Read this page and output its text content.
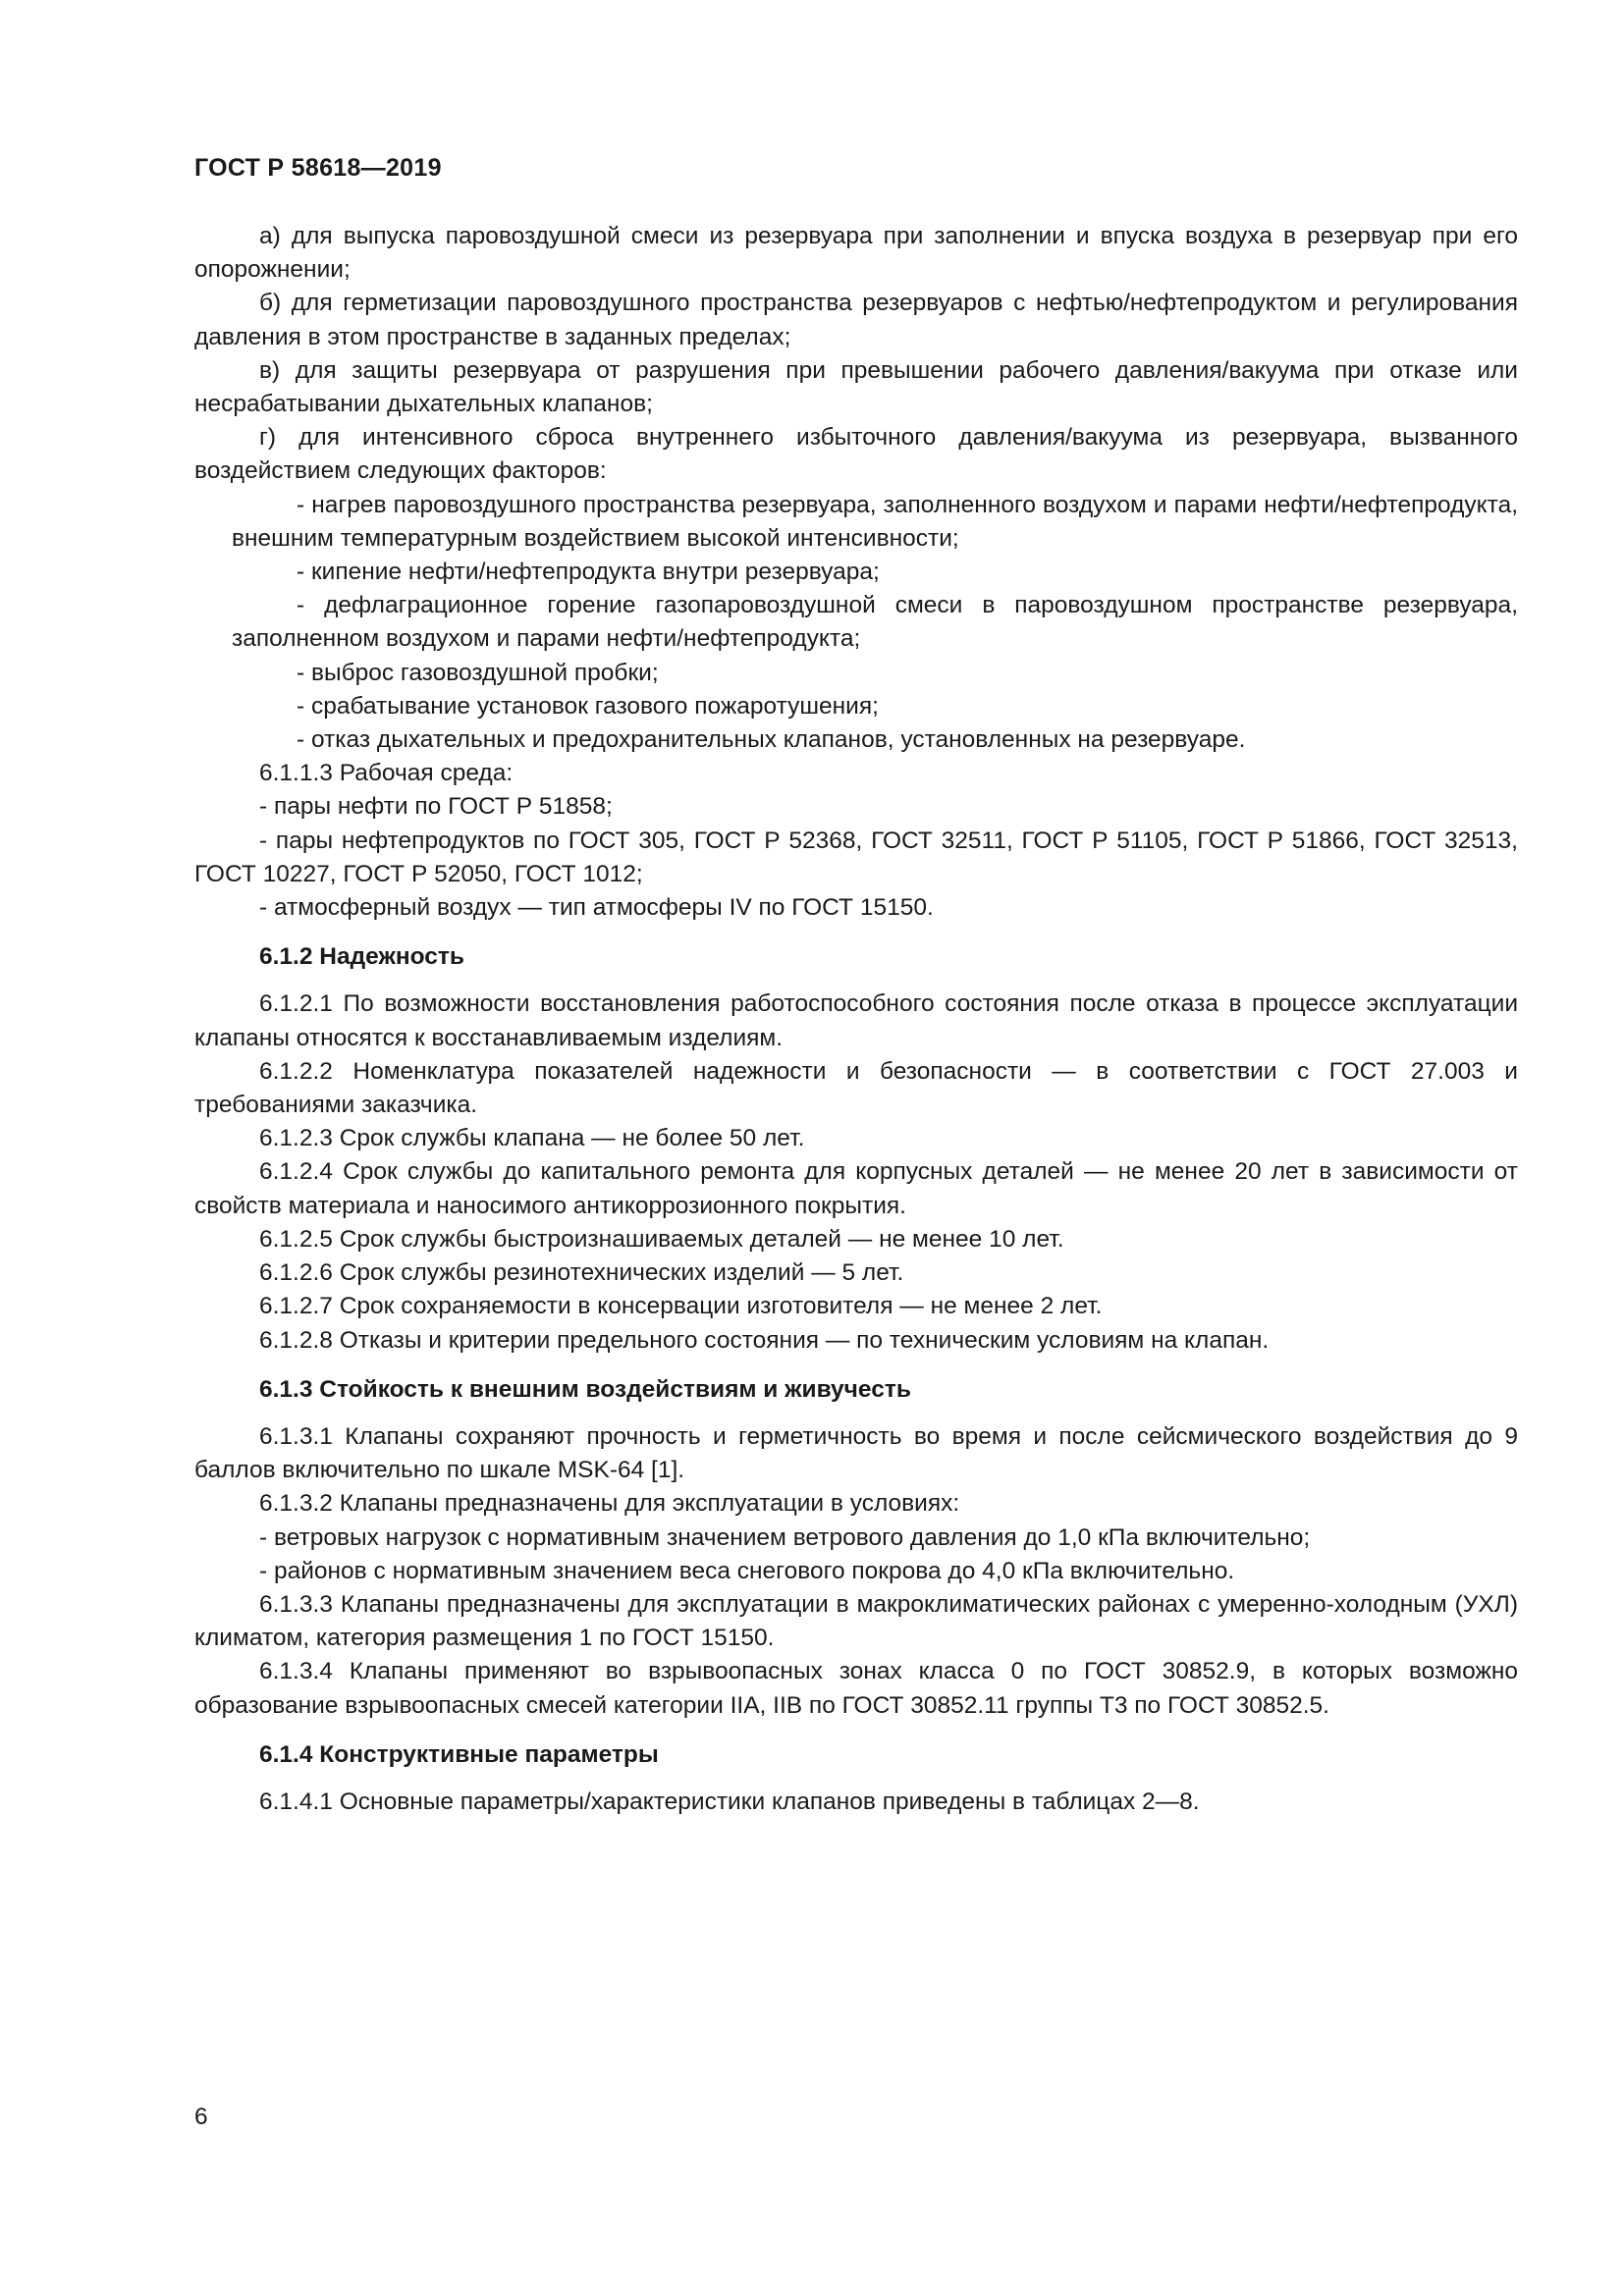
ГОСТ Р 58618—2019

а) для выпуска паровоздушной смеси из резервуара при заполнении и впуска воздуха в резервуар при его опорожнении;

б) для герметизации паровоздушного пространства резервуаров с нефтью/нефтепродуктом и регулирования давления в этом пространстве в заданных пределах;

в) для защиты резервуара от разрушения при превышении рабочего давления/вакуума при отказе или несрабатывании дыхательных клапанов;

г) для интенсивного сброса внутреннего избыточного давления/вакуума из резервуара, вызванного воздействием следующих факторов:

- нагрев паровоздушного пространства резервуара, заполненного воздухом и парами нефти/нефтепродукта, внешним температурным воздействием высокой интенсивности;

- кипение нефти/нефтепродукта внутри резервуара;

- дефлаграционное горение газопаровоздушной смеси в паровоздушном пространстве резервуара, заполненном воздухом и парами нефти/нефтепродукта;

- выброс газовоздушной пробки;

- срабатывание установок газового пожаротушения;

- отказ дыхательных и предохранительных клапанов, установленных на резервуаре.

6.1.1.3 Рабочая среда:

- пары нефти по ГОСТ Р 51858;

- пары нефтепродуктов по ГОСТ 305, ГОСТ Р 52368, ГОСТ 32511, ГОСТ Р 51105, ГОСТ Р 51866, ГОСТ 32513, ГОСТ 10227, ГОСТ Р 52050, ГОСТ 1012;

- атмосферный воздух — тип атмосферы IV по ГОСТ 15150.

6.1.2 Надежность

6.1.2.1 По возможности восстановления работоспособного состояния после отказа в процессе эксплуатации клапаны относятся к восстанавливаемым изделиям.

6.1.2.2 Номенклатура показателей надежности и безопасности — в соответствии с ГОСТ 27.003 и требованиями заказчика.

6.1.2.3 Срок службы клапана — не более 50 лет.

6.1.2.4 Срок службы до капитального ремонта для корпусных деталей — не менее 20 лет в зависимости от свойств материала и наносимого антикоррозионного покрытия.

6.1.2.5 Срок службы быстроизнашиваемых деталей — не менее 10 лет.

6.1.2.6 Срок службы резинотехнических изделий — 5 лет.

6.1.2.7 Срок сохраняемости в консервации изготовителя — не менее 2 лет.

6.1.2.8 Отказы и критерии предельного состояния — по техническим условиям на клапан.

6.1.3 Стойкость к внешним воздействиям и живучесть

6.1.3.1 Клапаны сохраняют прочность и герметичность во время и после сейсмического воздействия до 9 баллов включительно по шкале MSK-64 [1].

6.1.3.2 Клапаны предназначены для эксплуатации в условиях:

- ветровых нагрузок с нормативным значением ветрового давления до 1,0 кПа включительно;

- районов с нормативным значением веса снегового покрова до 4,0 кПа включительно.

6.1.3.3 Клапаны предназначены для эксплуатации в макроклиматических районах с умеренно-холодным (УХЛ) климатом, категория размещения 1 по ГОСТ 15150.

6.1.3.4 Клапаны применяют во взрывоопасных зонах класса 0 по ГОСТ 30852.9, в которых возможно образование взрывоопасных смесей категории IIA, IIB по ГОСТ 30852.11 группы Т3 по ГОСТ 30852.5.

6.1.4 Конструктивные параметры

6.1.4.1 Основные параметры/характеристики клапанов приведены в таблицах 2—8.

6
